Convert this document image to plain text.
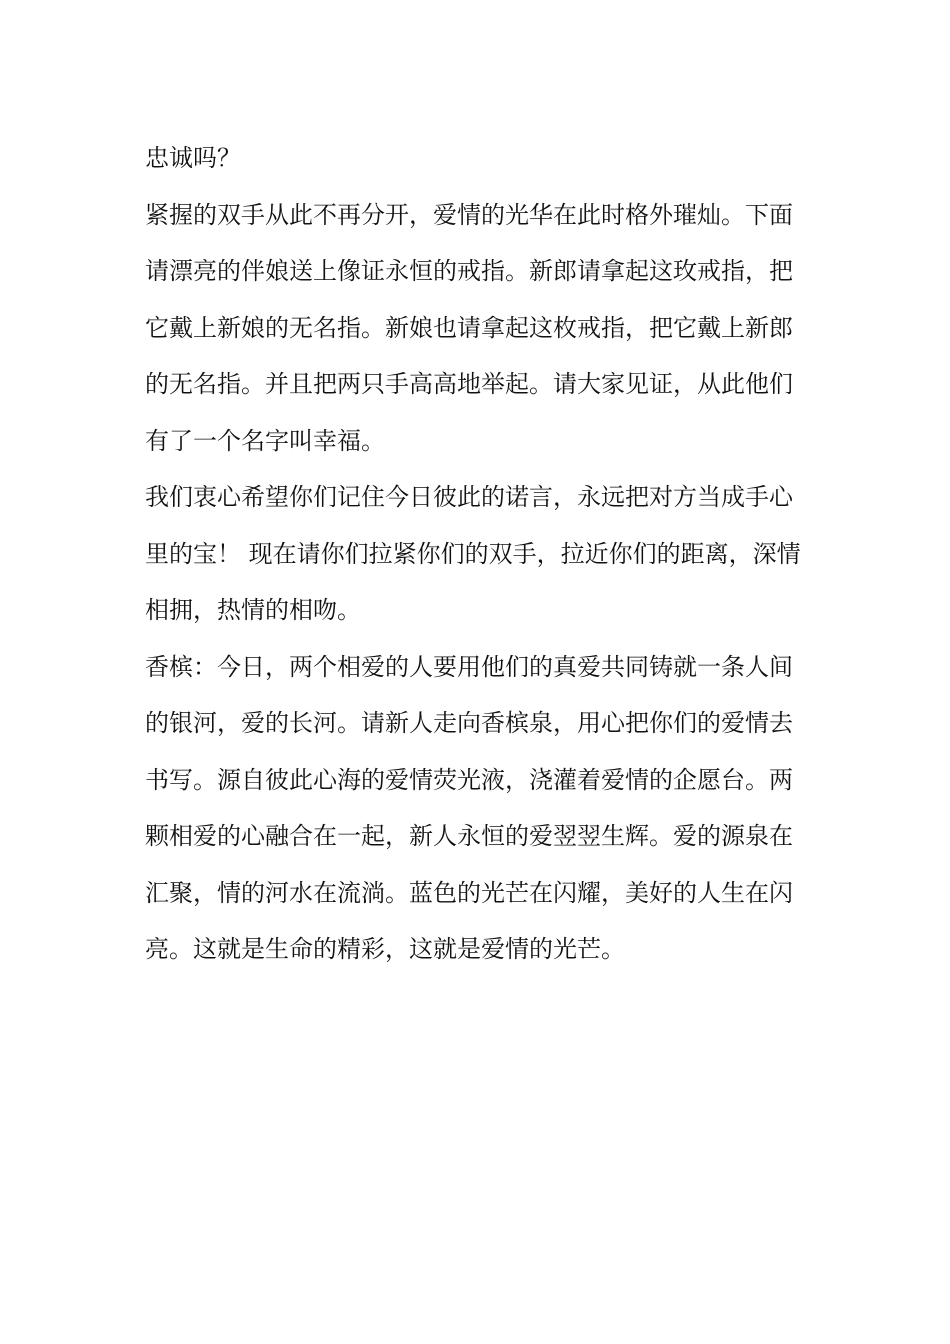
忠诚吗？
紧握的双手从此不再分开，爱情的光华在此时格外璀灿。下面
请漂亮的伴娘送上像证永恒的戒指。新郎请拿起这玫戒指，把
它戴上新娘的无名指。新娘也请拿起这枚戒指，把它戴上新郎
的无名指。并且把两只手高高地举起。请大家见证，从此他们
有了一个名字叫幸福。
我们衷心希望你们记住今日彼此的诺言，永远把对方当成手心
里的宝！ 现在请你们拉紧你们的双手，拉近你们的距离，深情
相拥，热情的相吻。
香槟：今日，两个相爱的人要用他们的真爱共同铸就一条人间
的银河，爱的长河。请新人走向香槟泉，用心把你们的爱情去
书写。源自彼此心海的爱情荧光液，浇灌着爱情的企愿台。两
颗相爱的心融合在一起，新人永恒的爱翌翌生辉。爱的源泉在
汇聚，情的河水在流淌。蓝色的光芒在闪耀，美好的人生在闪
亮。这就是生命的精彩，这就是爱情的光芒。
